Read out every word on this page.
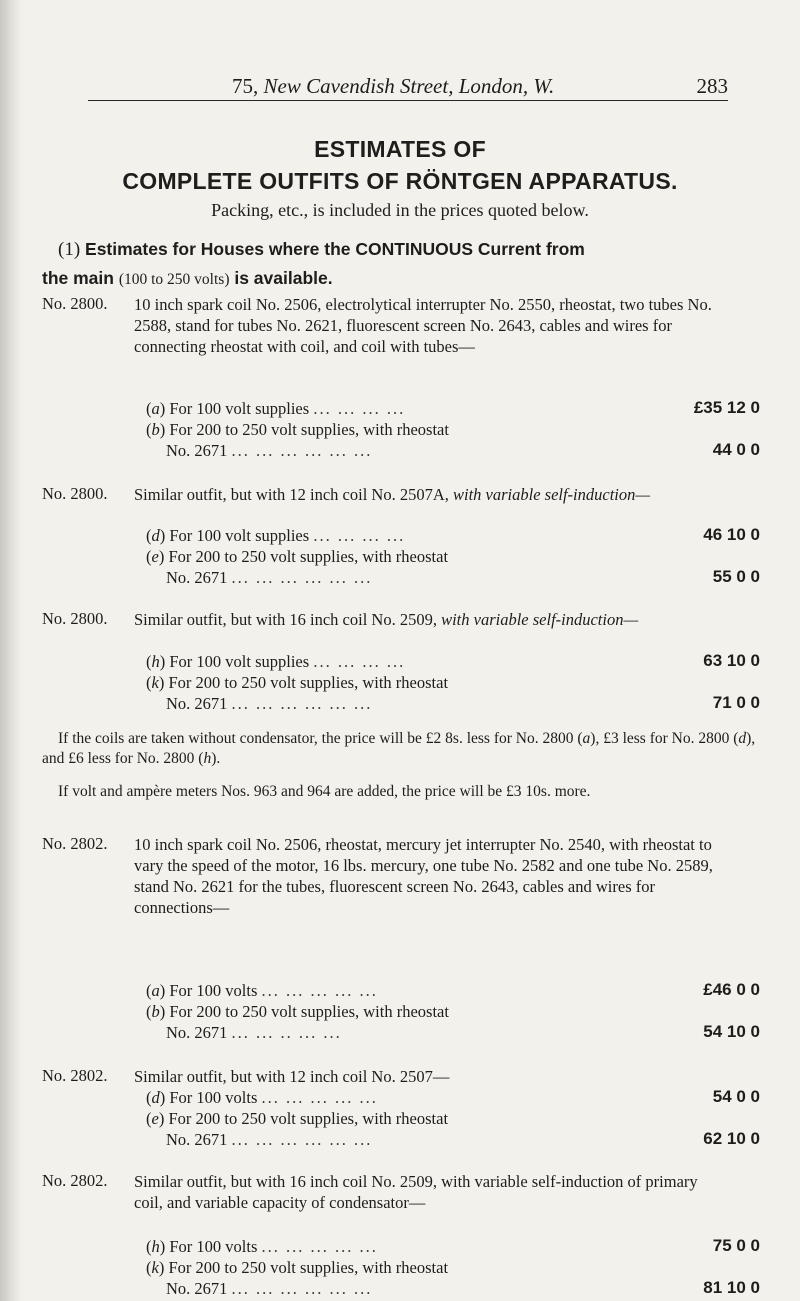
75, New Cavendish Street, London, W.	283
ESTIMATES OF
COMPLETE OUTFITS OF RÖNTGEN APPARATUS.
Packing, etc., is included in the prices quoted below.
(1) Estimates for Houses where the CONTINUOUS Current from
the main (100 to 250 volts) is available.
No. 2800. 10 inch spark coil No. 2506, electrolytical interrupter No. 2550, rheostat, two tubes No. 2588, stand for tubes No. 2621, fluorescent screen No. 2643, cables and wires for connecting rheostat with coil, and coil with tubes—
(a) For 100 volt supplies ... ... ... ...	£35 12 0
(b) For 200 to 250 volt supplies, with rheostat
No. 2671 ... ... ... ... ... ...	44 0 0
No. 2800. Similar outfit, but with 12 inch coil No. 2507A, with variable self-induction—
(d) For 100 volt supplies ... ... ... ...	46 10 0
(e) For 200 to 250 volt supplies, with rheostat
No. 2671 ... ... ... ... ... ...	55 0 0
No. 2800. Similar outfit, but with 16 inch coil No. 2509, with variable self-induction—
(h) For 100 volt supplies ... ... ... ...	63 10 0
(k) For 200 to 250 volt supplies, with rheostat
No. 2671 ... ... ... ... ... ...	71 0 0
If the coils are taken without condensator, the price will be £2 8s. less for No. 2800 (a), £3 less for No. 2800 (d), and £6 less for No. 2800 (h).
If volt and ampère meters Nos. 963 and 964 are added, the price will be £3 10s. more.
No. 2802. 10 inch spark coil No. 2506, rheostat, mercury jet interrupter No. 2540, with rheostat to vary the speed of the motor, 16 lbs. mercury, one tube No. 2582 and one tube No. 2589, stand No. 2621 for the tubes, fluorescent screen No. 2643, cables and wires for connections—
(a) For 100 volts ... ... ... ... ...	£46 0 0
(b) For 200 to 250 volt supplies, with rheostat
No. 2671 ... ... .. ... ...	54 10 0
No. 2802. Similar outfit, but with 12 inch coil No. 2507—
(d) For 100 volts ... ... ... ... ...	54 0 0
(e) For 200 to 250 volt supplies, with rheostat
No. 2671 ... ... ... ... ... ...	62 10 0
No. 2802. Similar outfit, but with 16 inch coil No. 2509, with variable self-induction of primary coil, and variable capacity of condensator—
(h) For 100 volts ... ... ... ... ...	75 0 0
(k) For 200 to 250 volt supplies, with rheostat
No. 2671 ... ... ... ... ... ...	81 10 0
